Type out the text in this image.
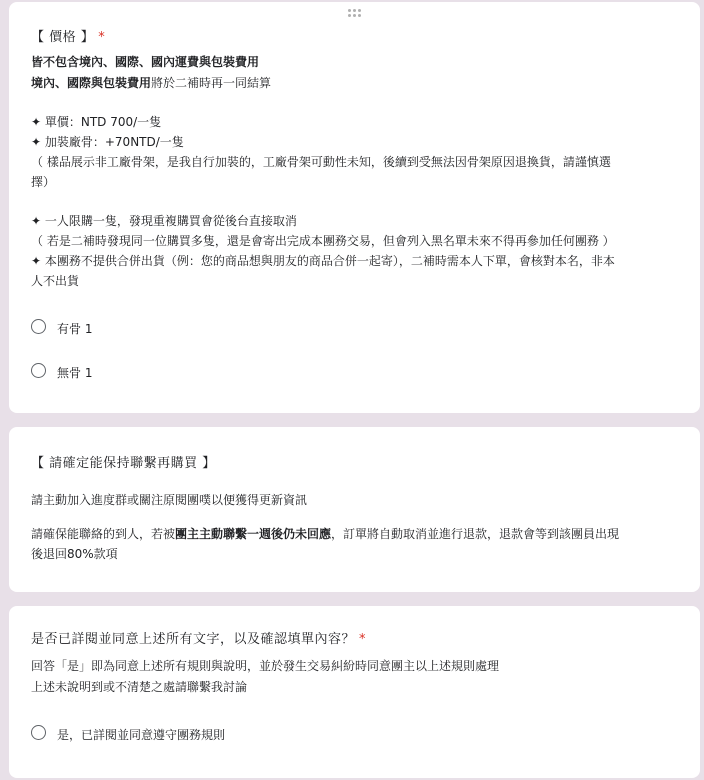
【 價格 】 *
皆不包含境內、國際、國內運費與包裝費用
境內、國際與包裝費用將於二補時再一同結算
✦ 單價：NTD 700/一隻
✦ 加裝廠骨：+70NTD/一隻
（ 樣品展示非工廠骨架，是我自行加裝的，工廠骨架可動性未知，後續到受無法因骨架原因退換貨，請謹慎選
擇）
✦ 一人限購一隻，發現重複購買會從後台直接取消
（ 若是二補時發現同一位購買多隻，還是會寄出完成本團務交易，但會列入黑名單未來不得再參加任何團務 ）
✦ 本團務不提供合併出貨（例：您的商品想與朋友的商品合併一起寄），二補時需本人下單，會核對本名，非本
人不出貨
有骨 1
無骨 1
【 請確定能保持聯繫再購買 】
請主動加入進度群或關注原閱團噗以便獲得更新資訊
請確保能聯絡的到人，若被團主主動聯繫一週後仍未回應，訂單將自動取消並進行退款，退款會等到該團員出現
後退回80%款項
是否已詳閱並同意上述所有文字，以及確認填單內容？ *
回答「是」即為同意上述所有規則與說明，並於發生交易糾紛時同意團主以上述規則處理
上述未說明到或不清楚之處請聯繫我討論
是，已詳閱並同意遵守團務規則
